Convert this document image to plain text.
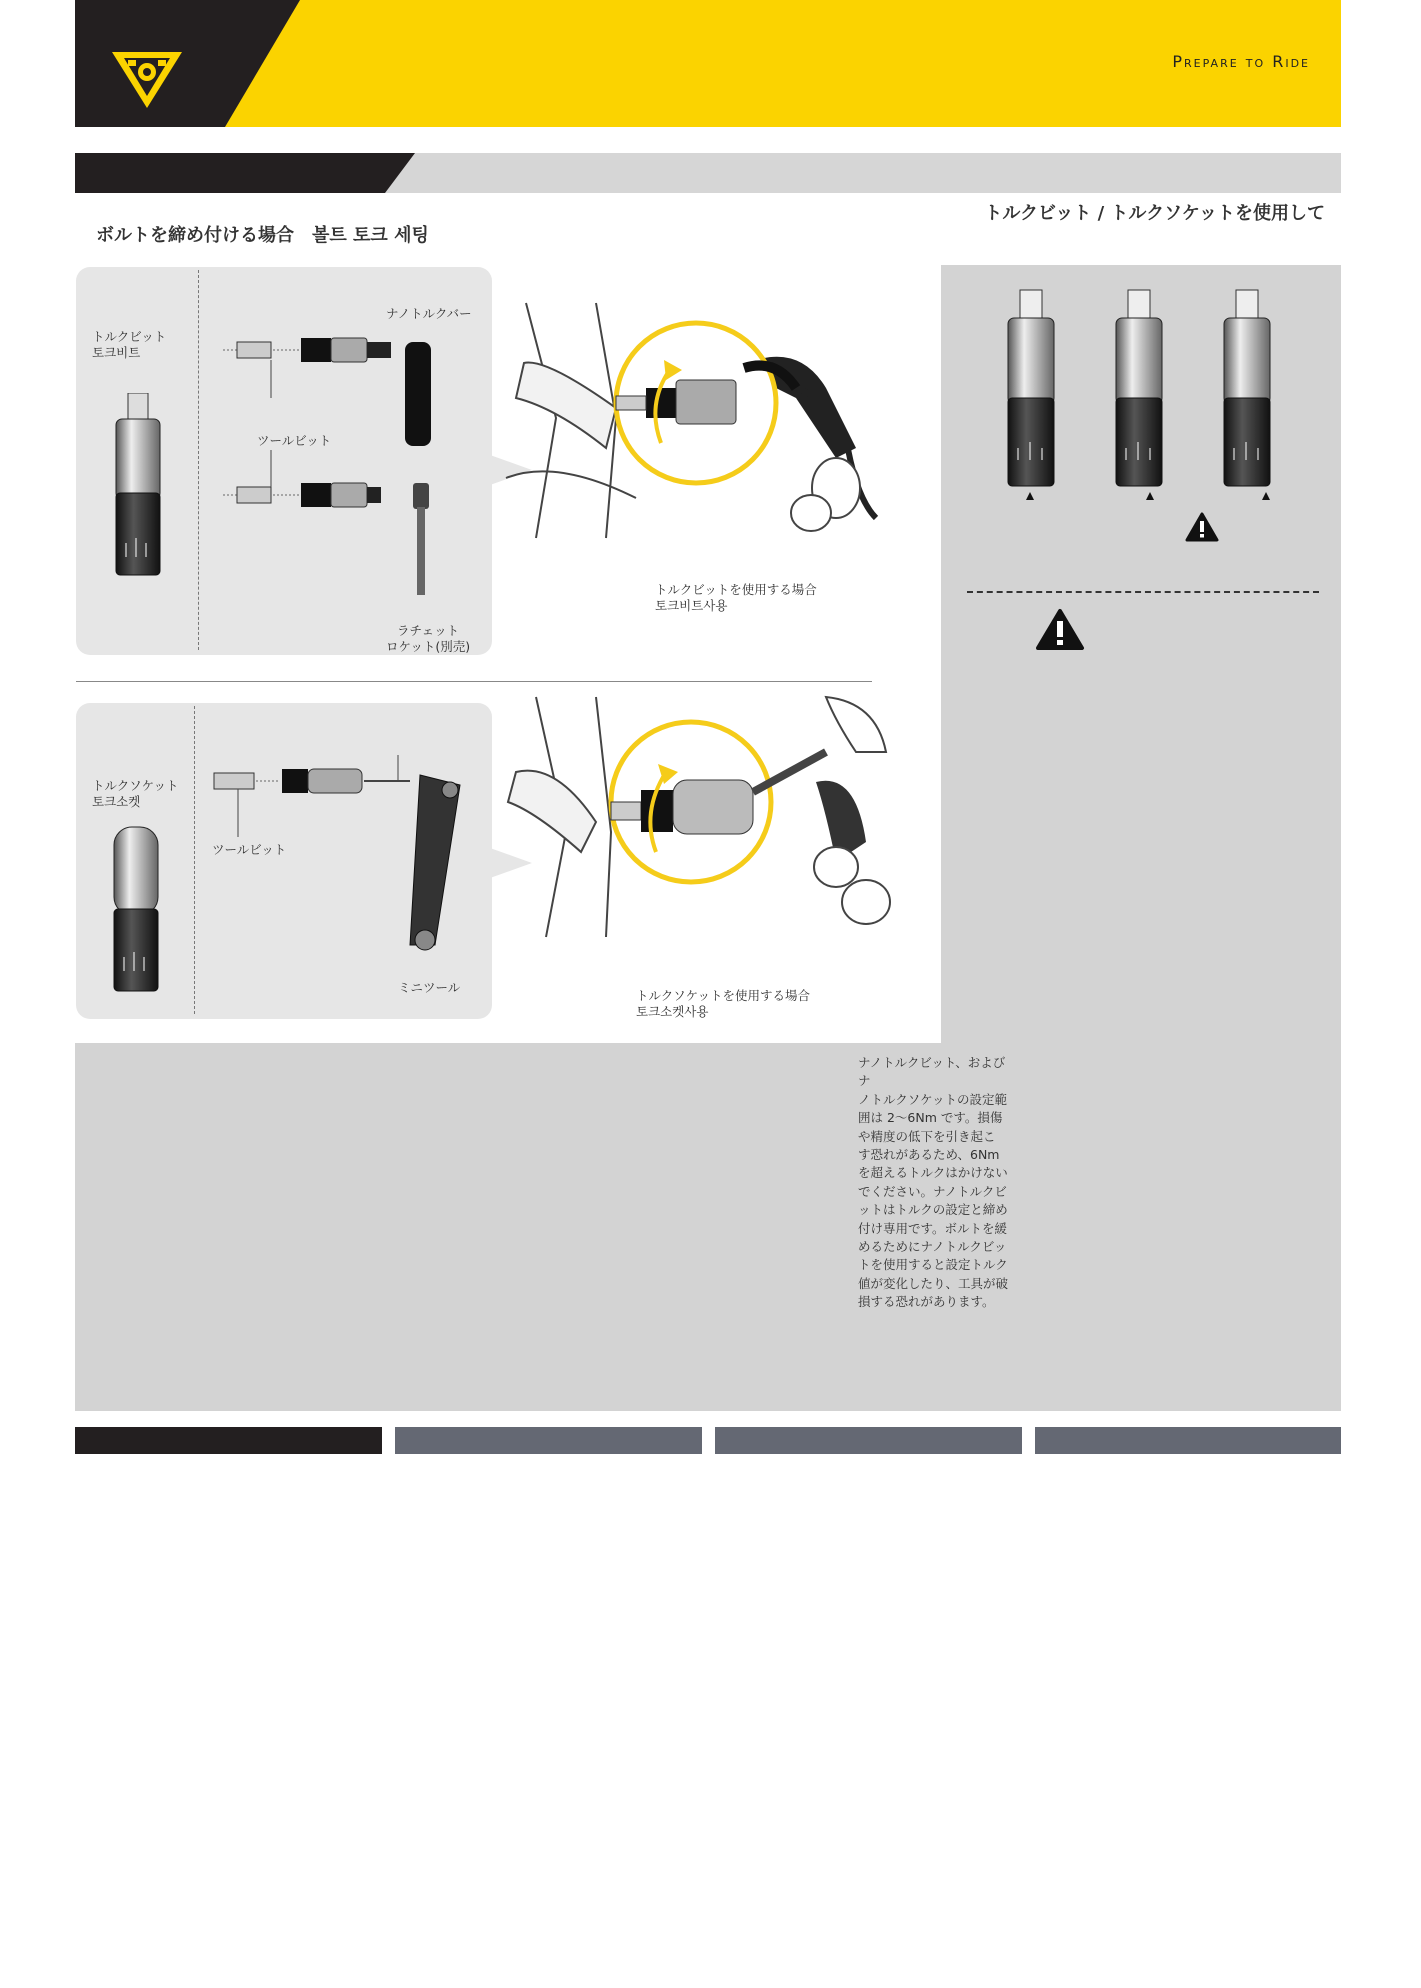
Prepare to Ride
ボルトを締め付ける場合　볼트 토크 세팅
トルクビット / トルクソケットを使用して
トルクビット
토크비트
ナノトルクバー
ツールビット
ラチェット
ロケット(別売)
トルクビットを使用する場合
토크비트사용
トルクソケット
토크소켓
ツールビット
ミニツール
トルクソケットを使用する場合
토크소켓사용
ナノトルクビット、およびナ
ノトルクソケットの設定範
囲は 2～6Nm です。損傷
や精度の低下を引き起こ
す恐れがあるため、6Nm
を超えるトルクはかけない
でください。ナノトルクビ
ットはトルクの設定と締め
付け専用です。ボルトを緩
めるためにナノトルクビッ
トを使用すると設定トルク
値が変化したり、工具が破
損する恐れがあります。
